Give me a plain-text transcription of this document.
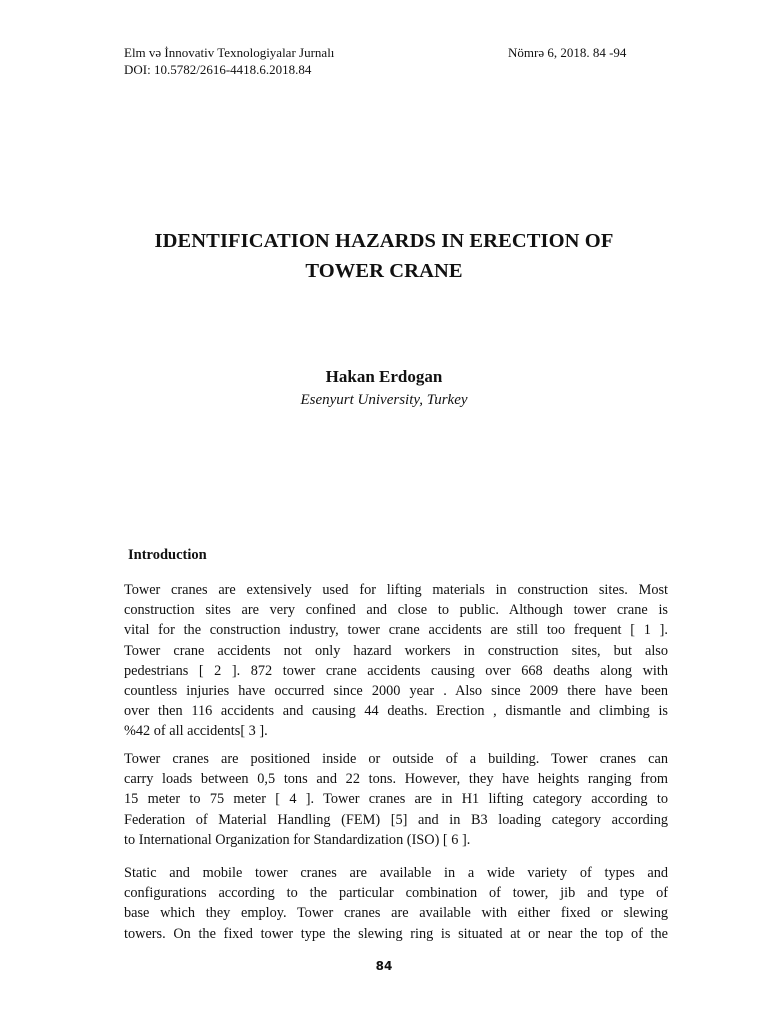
Elm və İnnovativ Texnologiyalar Jurnalı
DOI: 10.5782/2616-4418.6.2018.84
Nömrə 6, 2018. 84 -94
IDENTIFICATION HAZARDS IN ERECTION OF
TOWER CRANE
Hakan Erdogan
Esenyurt University, Turkey
Introduction
Tower cranes are extensively used for lifting materials in construction sites. Most
construction sites are very confined and close to public. Although tower crane is
vital for the construction industry, tower crane accidents are still too frequent [ 1 ].
Tower crane accidents not only hazard workers in construction sites, but also
pedestrians [ 2 ]. 872 tower crane accidents causing over 668 deaths along with
countless injuries have occurred since 2000 year . Also since 2009 there have been
over then 116 accidents and causing 44 deaths. Erection , dismantle and climbing is
%42 of all accidents[ 3 ].
Tower cranes are positioned inside or outside of a building. Tower cranes can
carry loads between 0,5 tons and 22 tons. However, they have heights ranging from
15 meter to 75 meter [ 4 ]. Tower cranes are in H1 lifting category according to
Federation of Material Handling (FEM) [5] and in B3 loading category according
to International Organization for Standardization (ISO) [ 6 ].
Static and mobile tower cranes are available in a wide variety of types and
configurations according to the particular combination of tower, jib and type of
base which they employ. Tower cranes are available with either fixed or slewing
towers. On the fixed tower type the slewing ring is situated at or near the top of the
84
